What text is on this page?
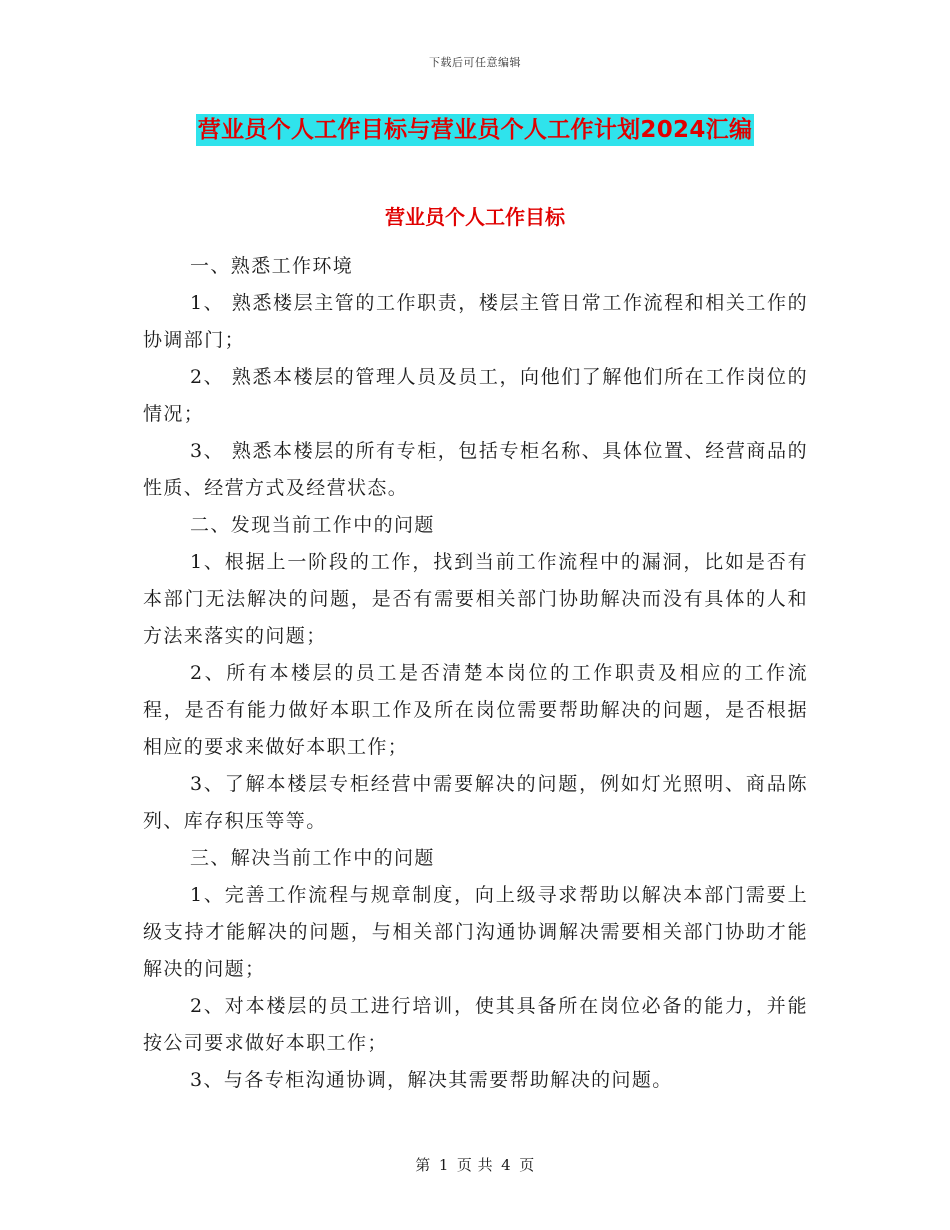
下载后可任意编辑
营业员个人工作目标与营业员个人工作计划2024汇编
营业员个人工作目标

一、熟悉工作环境

1、 熟悉楼层主管的工作职责，楼层主管日常工作流程和相关工作的协调部门；

2、 熟悉本楼层的管理人员及员工，向他们了解他们所在工作岗位的情况；

3、 熟悉本楼层的所有专柜，包括专柜名称、具体位置、经营商品的性质、经营方式及经营状态。

二、发现当前工作中的问题

1、根据上一阶段的工作，找到当前工作流程中的漏洞，比如是否有本部门无法解决的问题，是否有需要相关部门协助解决而没有具体的人和方法来落实的问题；

2、所有本楼层的员工是否清楚本岗位的工作职责及相应的工作流程，是否有能力做好本职工作及所在岗位需要帮助解决的问题，是否根据相应的要求来做好本职工作；

3、了解本楼层专柜经营中需要解决的问题，例如灯光照明、商品陈列、库存积压等等。

三、解决当前工作中的问题

1、完善工作流程与规章制度，向上级寻求帮助以解决本部门需要上级支持才能解决的问题，与相关部门沟通协调解决需要相关部门协助才能解决的问题；

2、对本楼层的员工进行培训，使其具备所在岗位必备的能力，并能按公司要求做好本职工作；

3、与各专柜沟通协调，解决其需要帮助解决的问题。

第 1 页 共 4 页
